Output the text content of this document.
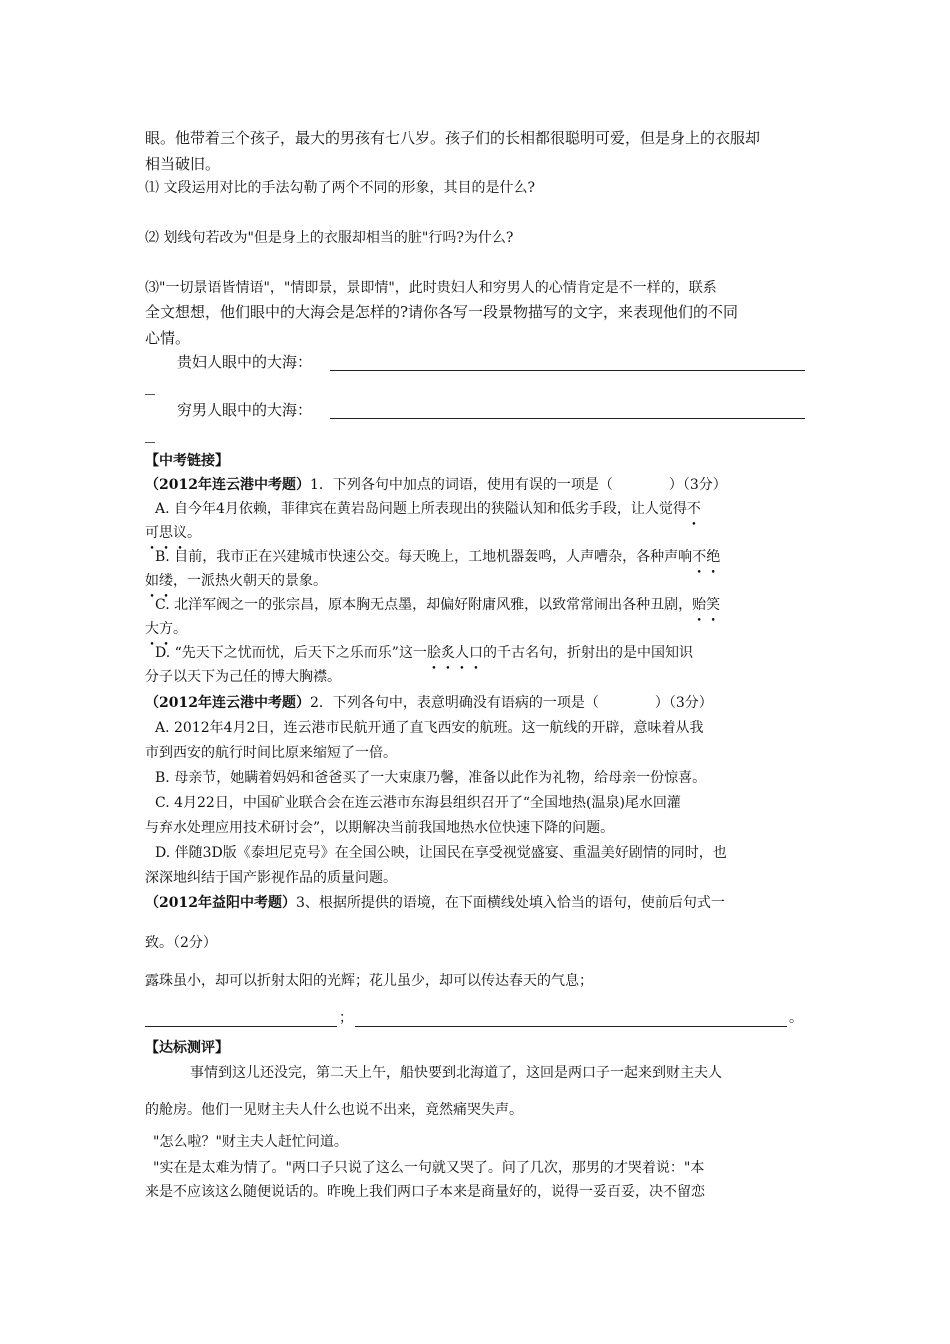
眼。他带着三个孩子，最大的男孩有七八岁。孩子们的长相都很聪明可爱，但是身上的衣服却
相当破旧。
⑴ 文段运用对比的手法勾勒了两个不同的形象，其目的是什么?
⑵ 划线句若改为"但是身上的衣服却相当的脏"行吗?为什么?
⑶"一切景语皆情语"，"情即景，景即情"，此时贵妇人和穷男人的心情肯定是不一样的，联系
全文想想，他们眼中的大海会是怎样的?请你各写一段景物描写的文字，来表现他们的不同
心情。
贵妇人眼中的大海：
穷男人眼中的大海：
【中考链接】
（2012年连云港中考题）1．下列各句中加点的词语，使用有误的一项是（　　　　）（3分）
A. 自今年4月依赖，菲律宾在黄岩岛问题上所表现出的狭隘认知和低劣手段，让人觉得不
可思议。
B. 目前，我市正在兴建城市快速公交。每天晚上，工地机器轰鸣，人声嘈杂，各种声响不绝
如缕，一派热火朝天的景象。
C. 北洋军阀之一的张宗昌，原本胸无点墨，却偏好附庸风雅，以致常常闹出各种丑剧，贻笑
大方。
D. “先天下之忧而忧，后天下之乐而乐”这一脍炙人口的千古名句，折射出的是中国知识
分子以天下为己任的博大胸襟。
（2012年连云港中考题）2．下列各句中，表意明确没有语病的一项是（　　　　）（3分）
A. 2012年4月2日，连云港市民航开通了直飞西安的航班。这一航线的开辟，意味着从我
市到西安的航行时间比原来缩短了一倍。
B. 母亲节，她瞒着妈妈和爸爸买了一大束康乃馨，准备以此作为礼物，给母亲一份惊喜。
C. 4月22日，中国矿业联合会在连云港市东海县组织召开了“全国地热(温泉)尾水回灌
与弃水处理应用技术研讨会”，以期解决当前我国地热水位快速下降的问题。
D. 伴随3D版《泰坦尼克号》在全国公映，让国民在享受视觉盛宴、重温美好剧情的同时，也
深深地纠结于国产影视作品的质量问题。
（2012年益阳中考题）3、根据所提供的语境，在下面横线处填入恰当的语句，使前后句式一
致。（2分）
露珠虽小，却可以折射太阳的光辉；花儿虽少，却可以传达春天的气息；
；	。
【达标测评】
事情到这儿还没完，第二天上午，船快要到北海道了，这回是两口子一起来到财主夫人
的舱房。他们一见财主夫人什么也说不出来，竟然痛哭失声。
"怎么啦？"财主夫人赶忙问道。
"实在是太难为情了。"两口子只说了这么一句就又哭了。问了几次，那男的才哭着说："本
来是不应该这么随便说话的。昨晚上我们两口子本来是商量好的，说得一妥百妥，决不留恋
